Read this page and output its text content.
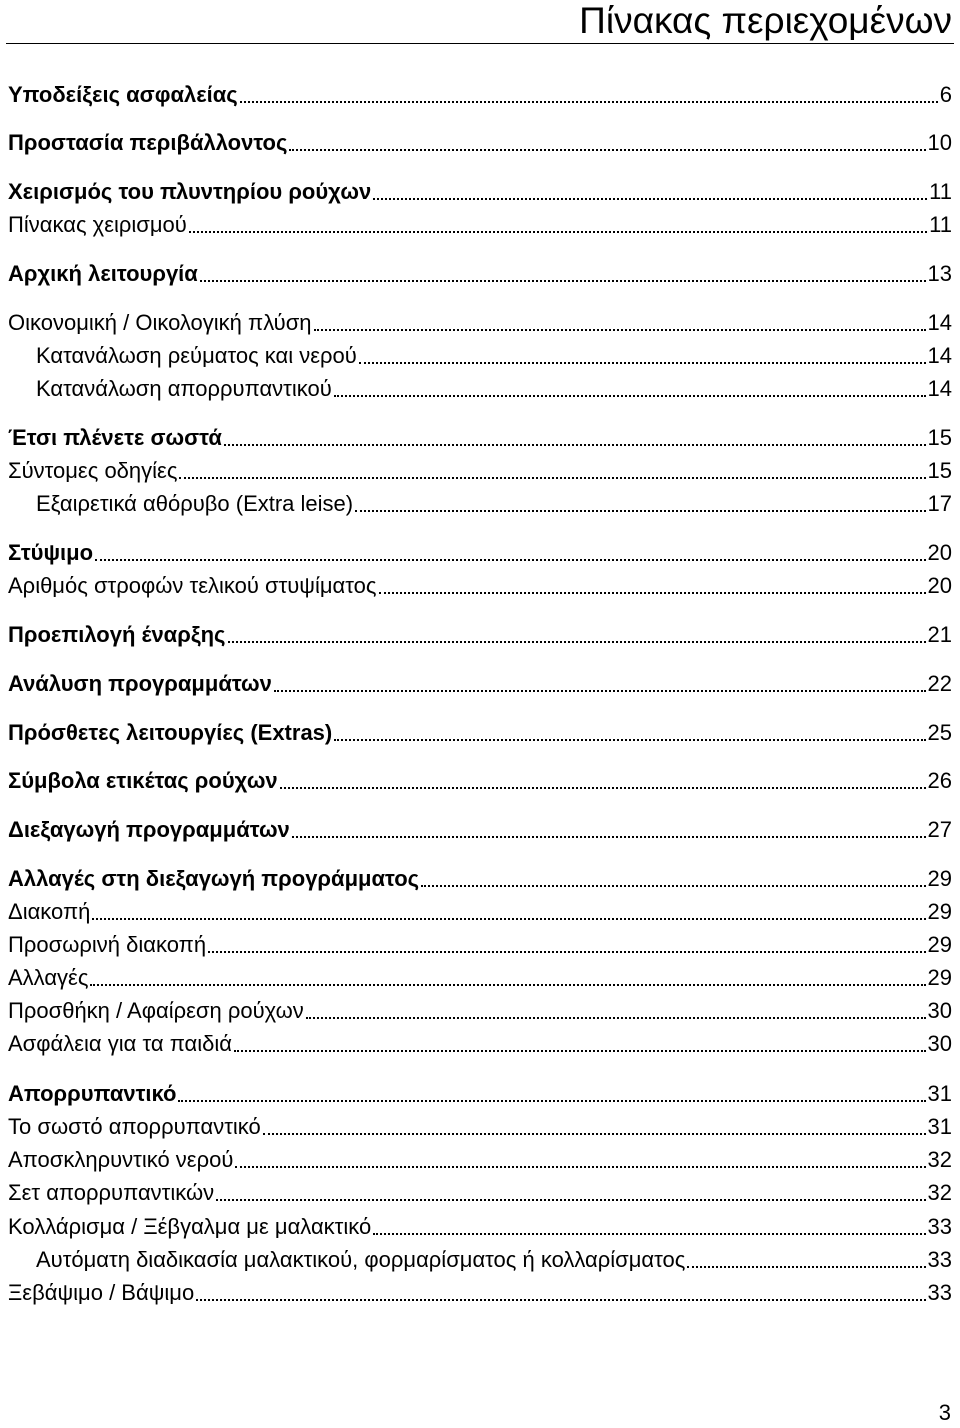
Πίνακας περιεχομένων
Υποδείξεις ασφαλείας	6
Προστασία περιβάλλοντος	10
Χειρισμός του πλυντηρίου ρούχων	11
Πίνακας χειρισμού	11
Αρχική λειτουργία	13
Οικονομική / Οικολογική πλύση	14
Κατανάλωση ρεύματος και νερού	14
Κατανάλωση απορρυπαντικού	14
Έτσι πλένετε σωστά	15
Σύντομες οδηγίες	15
Εξαιρετικά αθόρυβο (Extra leise)	17
Στύψιμο	20
Αριθμός στροφών τελικού στυψίματος	20
Προεπιλογή έναρξης	21
Ανάλυση προγραμμάτων	22
Πρόσθετες λειτουργίες (Extras)	25
Σύμβολα ετικέτας ρούχων	26
Διεξαγωγή προγραμμάτων	27
Αλλαγές στη διεξαγωγή προγράμματος	29
Διακοπή	29
Προσωρινή διακοπή	29
Αλλαγές	29
Προσθήκη / Αφαίρεση ρούχων	30
Ασφάλεια για τα παιδιά	30
Απορρυπαντικό	31
Το σωστό απορρυπαντικό	31
Αποσκληρυντικό νερού	32
Σετ απορρυπαντικών	32
Κολλάρισμα / Ξέβγαλμα με μαλακτικό	33
Αυτόματη διαδικασία μαλακτικού, φορμαρίσματος ή κολλαρίσματος	33
Ξεβάψιμο / Βάψιμο	33
3
